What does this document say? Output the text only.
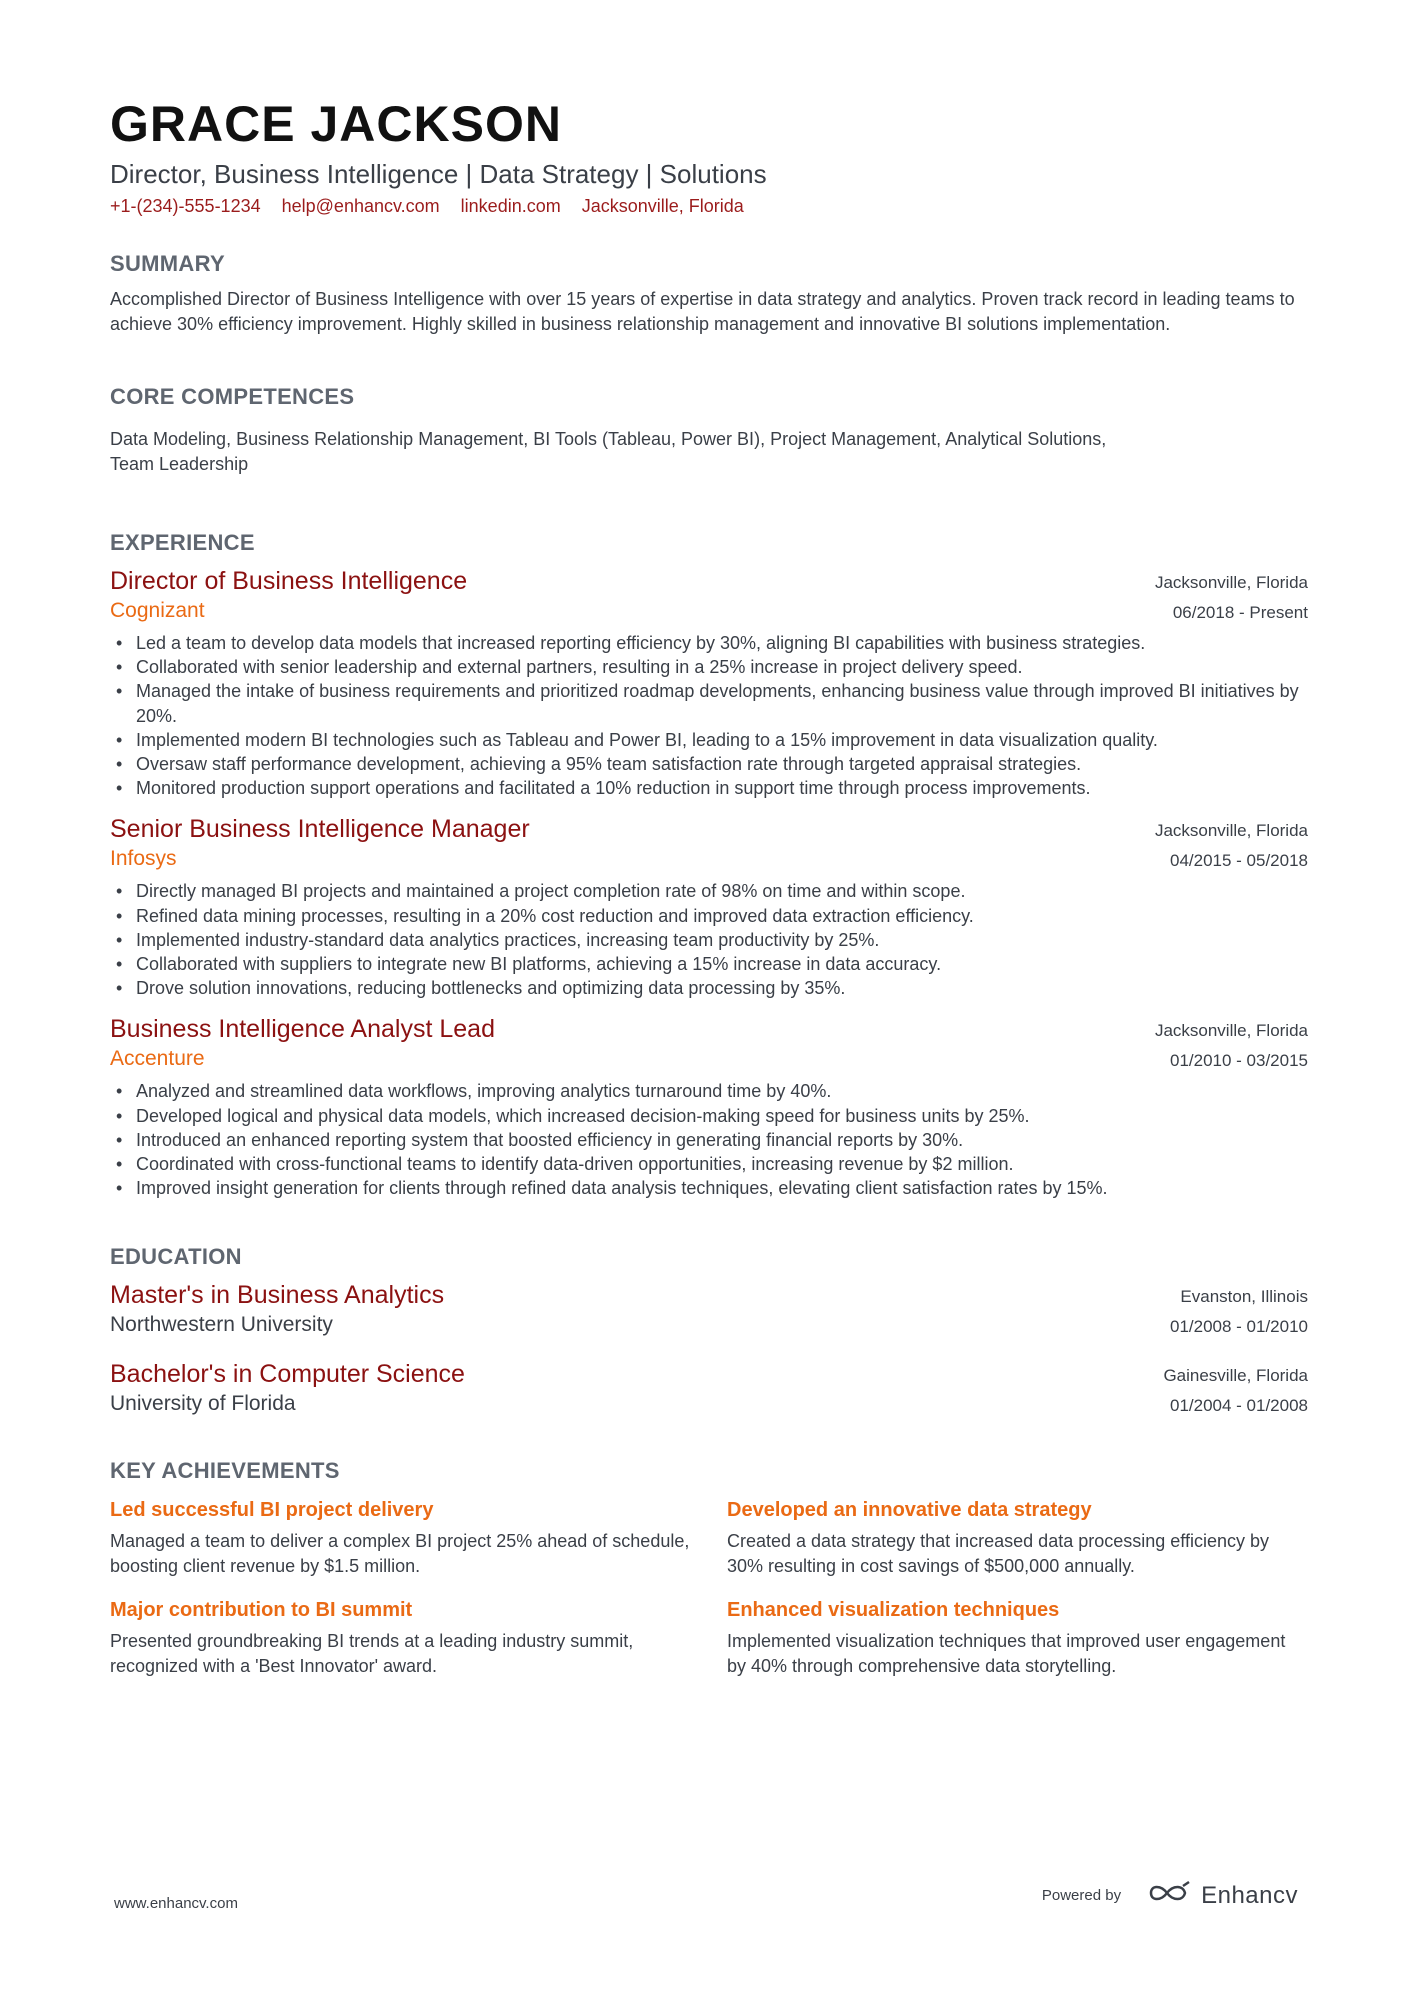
GRACE JACKSON
Director, Business Intelligence | Data Strategy | Solutions
+1-(234)-555-1234 help@enhancv.com linkedin.com Jacksonville, Florida
SUMMARY
Accomplished Director of Business Intelligence with over 15 years of expertise in data strategy and analytics. Proven track record in leading teams to achieve 30% efficiency improvement. Highly skilled in business relationship management and innovative BI solutions implementation.
CORE COMPETENCES
Data Modeling, Business Relationship Management, BI Tools (Tableau, Power BI), Project Management, Analytical Solutions,
Team Leadership
EXPERIENCE
Director of Business Intelligence
Cognizant
Jacksonville, Florida
06/2018 - Present
• Led a team to develop data models that increased reporting efficiency by 30%, aligning BI capabilities with business strategies.
• Collaborated with senior leadership and external partners, resulting in a 25% increase in project delivery speed.
• Managed the intake of business requirements and prioritized roadmap developments, enhancing business value through improved BI initiatives by 20%.
• Implemented modern BI technologies such as Tableau and Power BI, leading to a 15% improvement in data visualization quality.
• Oversaw staff performance development, achieving a 95% team satisfaction rate through targeted appraisal strategies.
• Monitored production support operations and facilitated a 10% reduction in support time through process improvements.
Senior Business Intelligence Manager
Infosys
Jacksonville, Florida
04/2015 - 05/2018
• Directly managed BI projects and maintained a project completion rate of 98% on time and within scope.
• Refined data mining processes, resulting in a 20% cost reduction and improved data extraction efficiency.
• Implemented industry-standard data analytics practices, increasing team productivity by 25%.
• Collaborated with suppliers to integrate new BI platforms, achieving a 15% increase in data accuracy.
• Drove solution innovations, reducing bottlenecks and optimizing data processing by 35%.
Business Intelligence Analyst Lead
Accenture
Jacksonville, Florida
01/2010 - 03/2015
• Analyzed and streamlined data workflows, improving analytics turnaround time by 40%.
• Developed logical and physical data models, which increased decision-making speed for business units by 25%.
• Introduced an enhanced reporting system that boosted efficiency in generating financial reports by 30%.
• Coordinated with cross-functional teams to identify data-driven opportunities, increasing revenue by $2 million.
• Improved insight generation for clients through refined data analysis techniques, elevating client satisfaction rates by 15%.
EDUCATION
Master's in Business Analytics
Northwestern University
Evanston, Illinois
01/2008 - 01/2010
Bachelor's in Computer Science
University of Florida
Gainesville, Florida
01/2004 - 01/2008
KEY ACHIEVEMENTS
Led successful BI project delivery
Managed a team to deliver a complex BI project 25% ahead of schedule, boosting client revenue by $1.5 million.
Developed an innovative data strategy
Created a data strategy that increased data processing efficiency by 30% resulting in cost savings of $500,000 annually.
Major contribution to BI summit
Presented groundbreaking BI trends at a leading industry summit, recognized with a 'Best Innovator' award.
Enhanced visualization techniques
Implemented visualization techniques that improved user engagement by 40% through comprehensive data storytelling.
www.enhancv.com	Powered by	Enhancv
